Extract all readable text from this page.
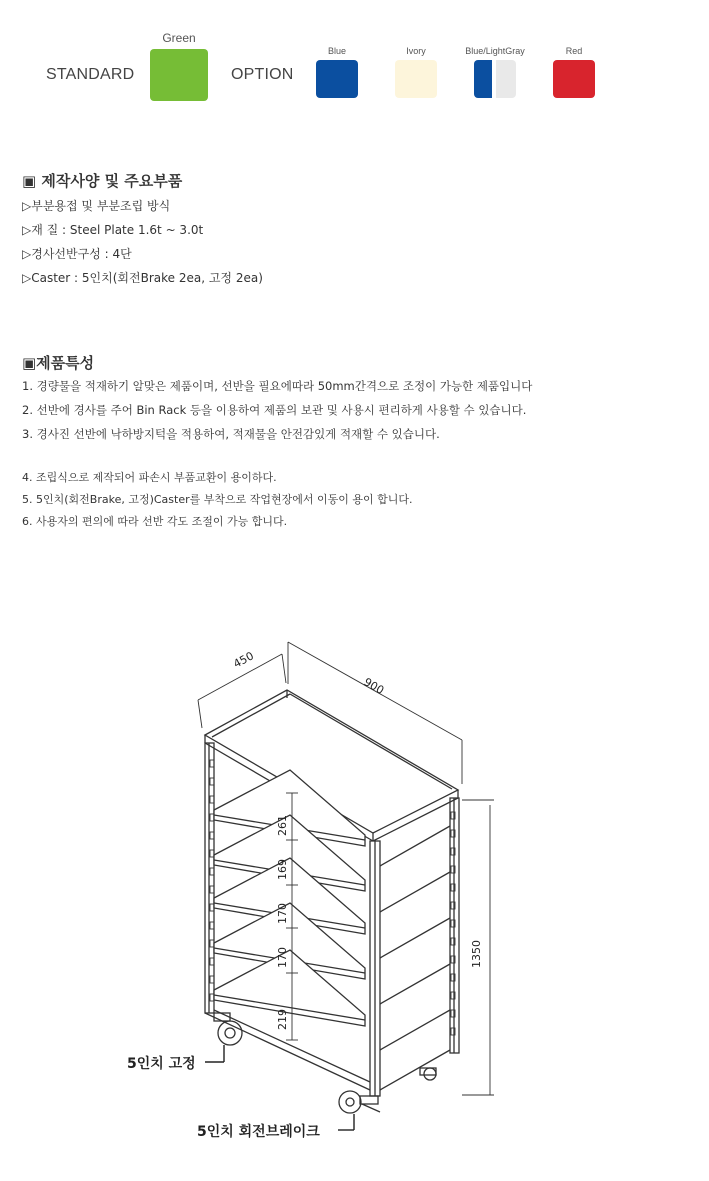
STANDARD
Green
OPTION
Blue	Ivory	Blue/LightGray	Red
▣ 제작사양 및 주요부품
▷부분용접 및 부분조립 방식
▷재 질 : Steel Plate 1.6t ~ 3.0t
▷경사선반구성 : 4단
▷Caster : 5인치(회전Brake 2ea, 고정 2ea)
▣제품특성
1. 경량물을 적재하기 알맞은 제품이며, 선반을 필요에따라 50mm간격으로 조정이 가능한 제품입니다
2. 선반에 경사를 주어 Bin Rack 등을 이용하여 제품의 보관 및 사용시 편리하게 사용할 수 있습니다.
3. 경사진 선반에 낙하방지턱을 적용하여, 적재물을 안전감있게 적재할 수 있습니다.
4. 조립식으로 제작되어 파손시 부품교환이 용이하다.
5. 5인치(회전Brake, 고정)Caster를 부착으로 작업현장에서 이동이 용이 합니다.
6. 사용자의 편의에 따라 선반 각도 조절이 가능 합니다.
450
900
1350
261
169
170
170
219
5인치 고정
5인치 회전브레이크
